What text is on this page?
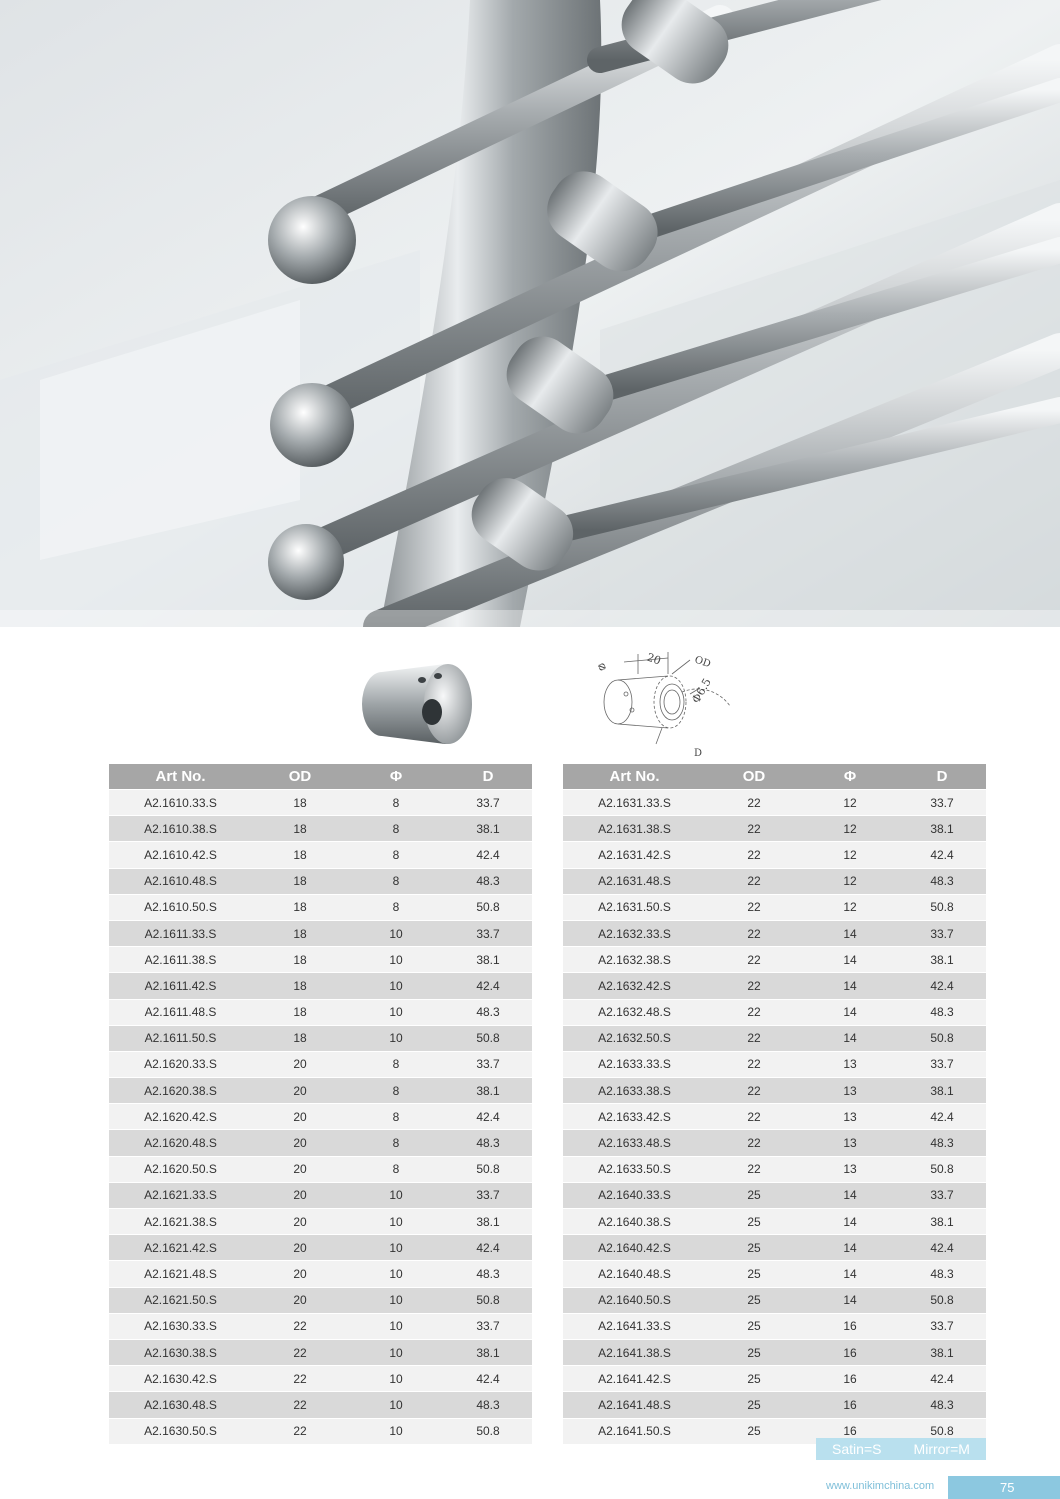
Φ	20	OD
Φ6.5
D
Art No.	OD	Φ	D
A2.1610.33.S	18	8	33.7
A2.1610.38.S	18	8	38.1
A2.1610.42.S	18	8	42.4
A2.1610.48.S	18	8	48.3
A2.1610.50.S	18	8	50.8
A2.1611.33.S	18	10	33.7
A2.1611.38.S	18	10	38.1
A2.1611.42.S	18	10	42.4
A2.1611.48.S	18	10	48.3
A2.1611.50.S	18	10	50.8
A2.1620.33.S	20	8	33.7
A2.1620.38.S	20	8	38.1
A2.1620.42.S	20	8	42.4
A2.1620.48.S	20	8	48.3
A2.1620.50.S	20	8	50.8
A2.1621.33.S	20	10	33.7
A2.1621.38.S	20	10	38.1
A2.1621.42.S	20	10	42.4
A2.1621.48.S	20	10	48.3
A2.1621.50.S	20	10	50.8
A2.1630.33.S	22	10	33.7
A2.1630.38.S	22	10	38.1
A2.1630.42.S	22	10	42.4
A2.1630.48.S	22	10	48.3
A2.1630.50.S	22	10	50.8
Art No.	OD	Φ	D
A2.1631.33.S	22	12	33.7
A2.1631.38.S	22	12	38.1
A2.1631.42.S	22	12	42.4
A2.1631.48.S	22	12	48.3
A2.1631.50.S	22	12	50.8
A2.1632.33.S	22	14	33.7
A2.1632.38.S	22	14	38.1
A2.1632.42.S	22	14	42.4
A2.1632.48.S	22	14	48.3
A2.1632.50.S	22	14	50.8
A2.1633.33.S	22	13	33.7
A2.1633.38.S	22	13	38.1
A2.1633.42.S	22	13	42.4
A2.1633.48.S	22	13	48.3
A2.1633.50.S	22	13	50.8
A2.1640.33.S	25	14	33.7
A2.1640.38.S	25	14	38.1
A2.1640.42.S	25	14	42.4
A2.1640.48.S	25	14	48.3
A2.1640.50.S	25	14	50.8
A2.1641.33.S	25	16	33.7
A2.1641.38.S	25	16	38.1
A2.1641.42.S	25	16	42.4
A2.1641.48.S	25	16	48.3
A2.1641.50.S	25	16	50.8
Satin=S Mirror=M
www.unikimchina.com	75
